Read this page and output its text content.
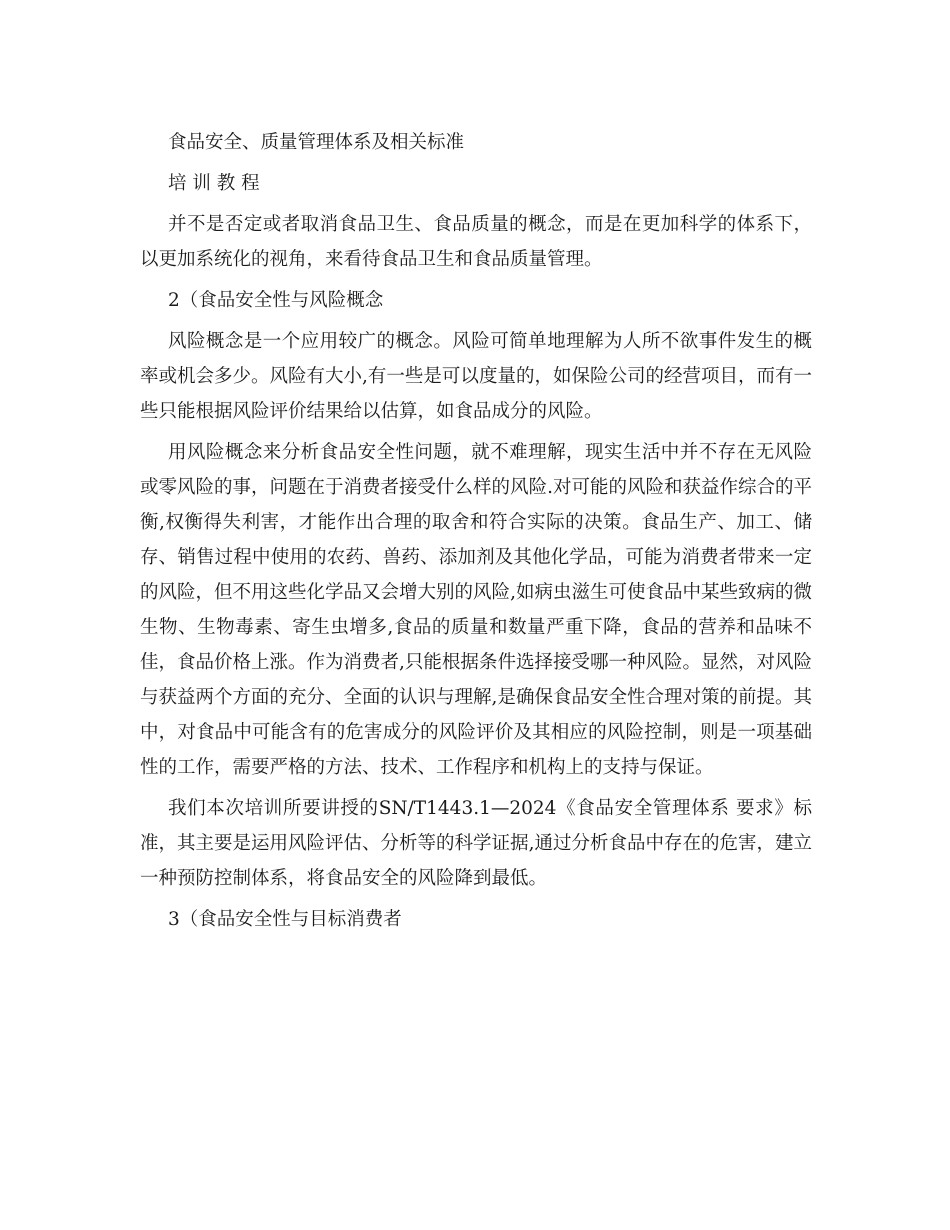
食品安全、质量管理体系及相关标准

培 训 教 程

并不是否定或者取消食品卫生、食品质量的概念，而是在更加科学的体系下，以更加系统化的视角，来看待食品卫生和食品质量管理。

2（食品安全性与风险概念

风险概念是一个应用较广的概念。风险可简单地理解为人所不欲事件发生的概率或机会多少。风险有大小,有一些是可以度量的，如保险公司的经营项目，而有一些只能根据风险评价结果给以估算，如食品成分的风险。

用风险概念来分析食品安全性问题，就不难理解，现实生活中并不存在无风险或零风险的事，问题在于消费者接受什么样的风险.对可能的风险和获益作综合的平衡,权衡得失利害，才能作出合理的取舍和符合实际的决策。食品生产、加工、储存、销售过程中使用的农药、兽药、添加剂及其他化学品，可能为消费者带来一定的风险，但不用这些化学品又会增大别的风险,如病虫滋生可使食品中某些致病的微生物、生物毒素、寄生虫增多,食品的质量和数量严重下降，食品的营养和品味不佳，食品价格上涨。作为消费者,只能根据条件选择接受哪一种风险。显然，对风险与获益两个方面的充分、全面的认识与理解,是确保食品安全性合理对策的前提。其中，对食品中可能含有的危害成分的风险评价及其相应的风险控制，则是一项基础性的工作，需要严格的方法、技术、工作程序和机构上的支持与保证。

我们本次培训所要讲授的SN/T1443.1—2024《食品安全管理体系 要求》标准，其主要是运用风险评估、分析等的科学证据,通过分析食品中存在的危害，建立一种预防控制体系，将食品安全的风险降到最低。

3（食品安全性与目标消费者
